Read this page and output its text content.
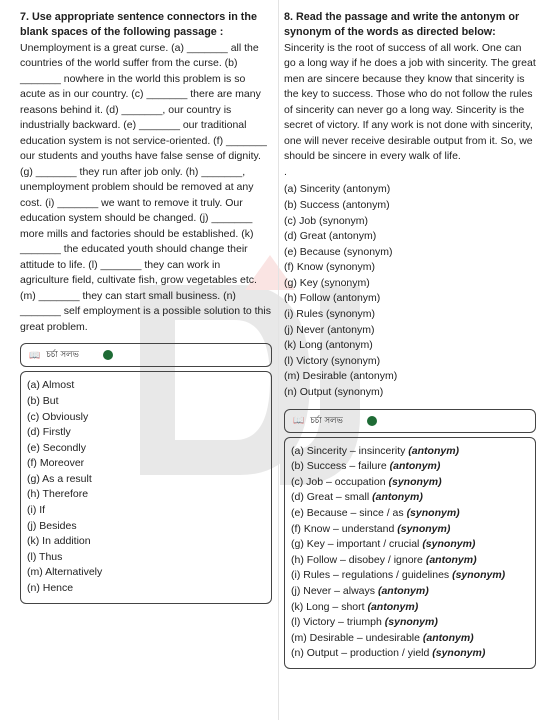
7. Use appropriate sentence connectors in the blank spaces of the following passage :

Unemployment is a great curse. (a) _______ all the countries of the world suffer from the curse. (b) _______ nowhere in the world this problem is so acute as in our country. (c) _______ there are many reasons behind it. (d) _______, our country is industrially backward. (e) _______ our traditional education system is not service-oriented. (f) _______ our students and youths have false sense of dignity. (g) _______ they run after job only. (h) _______, unemployment problem should be removed at any cost. (i) _______ we want to remove it truly. Our education system should be changed. (j) _______ more mills and factories should be established. (k) _______ the educated youth should change their attitude to life. (l) _______ they can work in agriculture field, cultivate fish, grow vegetables etc. (m) _______ they can start small business. (n) _______ self employment is a possible solution to this great problem.

📖 চর্চা সলভ
(a) Almost
(b) But
(c) Obviously
(d) Firstly
(e) Secondly
(f) Moreover
(g) As a result
(h) Therefore
(i) If
(j) Besides
(k) In addition
(l) Thus
(m) Alternatively
(n) Hence

8. Read the passage and write the antonym or synonym of the words as directed below:

Sincerity is the root of success of all work. One can go a long way if he does a job with sincerity. The great men are sincere because they know that sincerity is the key to success. Those who do not follow the rules of sincerity can never go a long way. Sincerity is the secret of victory. If any work is not done with sincerity, one will never receive desirable output from it. So, we should be sincere in every walk of life.

.

(a) Sincerity (antonym)
(b) Success (antonym)
(c) Job (synonym)
(d) Great (antonym)
(e) Because (synonym)
(f) Know (synonym)
(g) Key (synonym)
(h) Follow (antonym)
(i) Rules (synonym)
(j) Never (antonym)
(k) Long (antonym)
(l) Victory (synonym)
(m) Desirable (antonym)
(n) Output (synonym)
📖 চর্চা সলভ
(a) Sincerity – insincerity (antonym)
(b) Success – failure (antonym)
(c) Job – occupation (synonym)
(d) Great – small (antonym)
(e) Because – since / as (synonym)
(f) Know – understand (synonym)
(g) Key – important / crucial (synonym)
(h) Follow – disobey / ignore (antonym)
(i) Rules – regulations / guidelines (synonym)
(j) Never – always (antonym)
(k) Long – short (antonym)
(l) Victory – triumph (synonym)
(m) Desirable – undesirable (antonym)
(n) Output – production / yield (synonym)
